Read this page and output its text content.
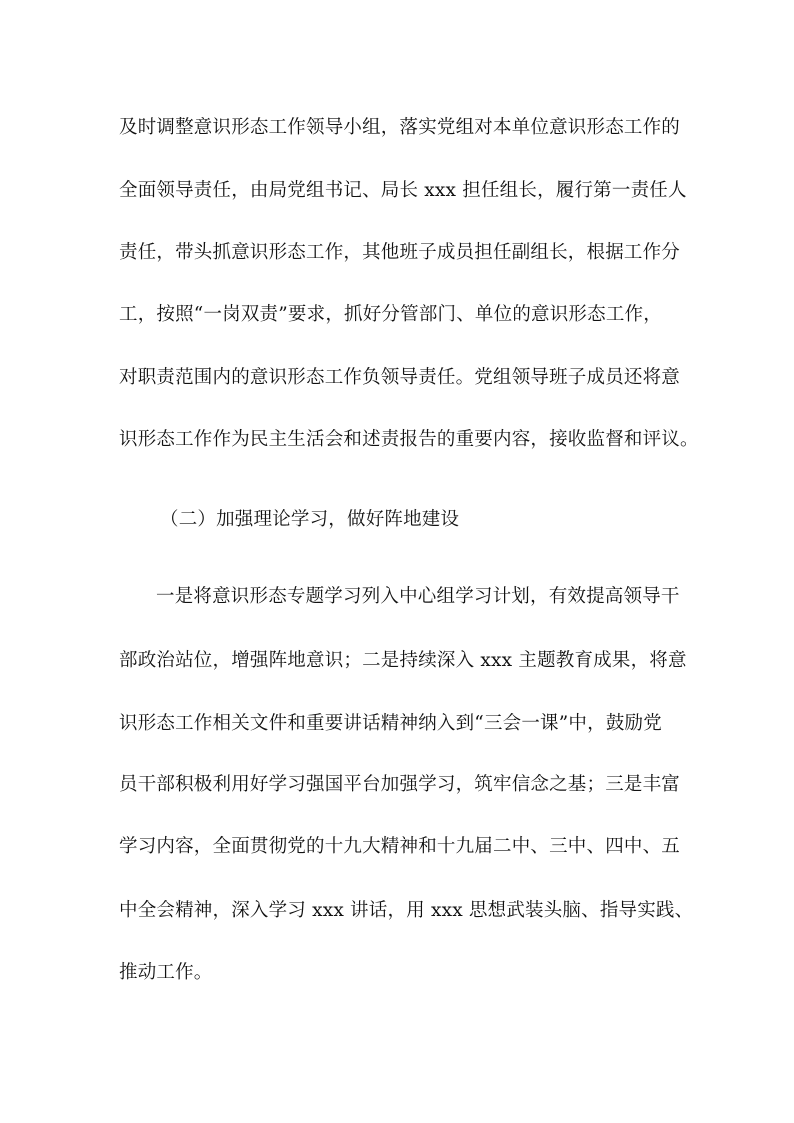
及时调整意识形态工作领导小组，落实党组对本单位意识形态工作的

全面领导责任，由局党组书记、局长 xxx 担任组长，履行第一责任人

责任，带头抓意识形态工作，其他班子成员担任副组长，根据工作分

工，按照“一岗双责”要求，抓好分管部门、单位的意识形态工作，

对职责范围内的意识形态工作负领导责任。党组领导班子成员还将意

识形态工作作为民主生活会和述责报告的重要内容，接收监督和评议。

（二）加强理论学习，做好阵地建设

一是将意识形态专题学习列入中心组学习计划，有效提高领导干

部政治站位，增强阵地意识；二是持续深入 xxx 主题教育成果，将意

识形态工作相关文件和重要讲话精神纳入到“三会一课”中，鼓励党

员干部积极利用好学习强国平台加强学习，筑牢信念之基；三是丰富

学习内容，全面贯彻党的十九大精神和十九届二中、三中、四中、五

中全会精神，深入学习 xxx 讲话，用 xxx 思想武装头脑、指导实践、

推动工作。
